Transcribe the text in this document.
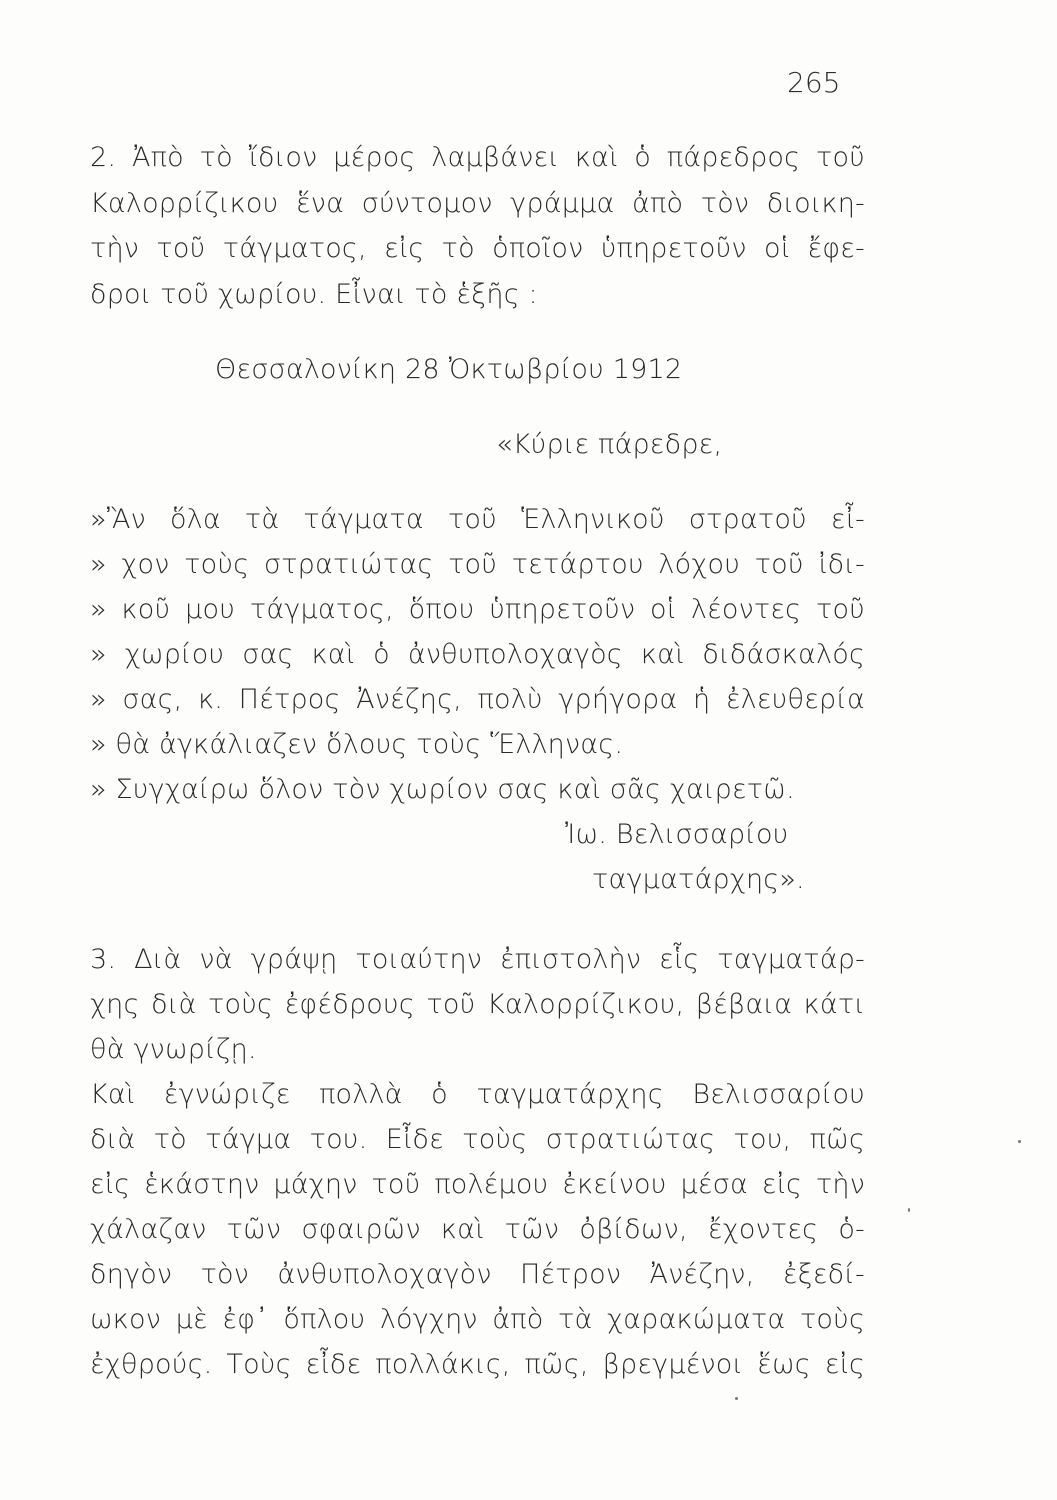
265
2. Ἀπὸ τὸ ἴδιον μέρος λαμβάνει καὶ ὁ πάρεδρος τοῦ
Καλορρίζικου ἕνα σύντομον γράμμα ἀπὸ τὸν διοικη-
τὴν τοῦ τάγματος, εἰς τὸ ὁποῖον ὑπηρετοῦν οἱ ἔφε-
δροι τοῦ χωρίου. Εἶναι τὸ ἑξῆς :
Θεσσαλονίκη 28 Ὀκτωβρίου 1912
«Κύριε πάρεδρε,
»Ἂν ὅλα τὰ τάγματα τοῦ Ἑλληνικοῦ στρατοῦ εἶ-
» χον τοὺς στρατιώτας τοῦ τετάρτου λόχου τοῦ ἰδι-
» κοῦ μου τάγματος, ὅπου ὑπηρετοῦν οἱ λέοντες τοῦ
» χωρίου σας καὶ ὁ ἀνθυπολοχαγὸς καὶ διδάσκαλός
» σας, κ. Πέτρος Ἀνέζης, πολὺ γρήγορα ἡ ἐλευθερία
» θὰ ἀγκάλιαζεν ὅλους τοὺς Ἕλληνας.
» Συγχαίρω ὅλον τὸν χωρίον σας καὶ σᾶς χαιρετῶ.
Ἰω. Βελισσαρίου
ταγματάρχης».
3. Διὰ νὰ γράψῃ τοιαύτην ἐπιστολὴν εἷς ταγματάρ-
χης διὰ τοὺς ἐφέδρους τοῦ Καλορρίζικου, βέβαια κάτι
θὰ γνωρίζῃ.
Καὶ ἐγνώριζε πολλὰ ὁ ταγματάρχης Βελισσαρίου
διὰ τὸ τάγμα του. Εἶδε τοὺς στρατιώτας του, πῶς
εἰς ἑκάστην μάχην τοῦ πολέμου ἐκείνου μέσα εἰς τὴν
χάλαζαν τῶν σφαιρῶν καὶ τῶν ὀβίδων, ἔχοντες ὁ-
δηγὸν τὸν ἀνθυπολοχαγὸν Πέτρον Ἀνέζην, ἐξεδί-
ωκον μὲ ἐφ᾿ ὅπλου λόγχην ἀπὸ τὰ χαρακώματα τοὺς
ἐχθρούς. Τοὺς εἶδε πολλάκις, πῶς, βρεγμένοι ἕως εἰς
